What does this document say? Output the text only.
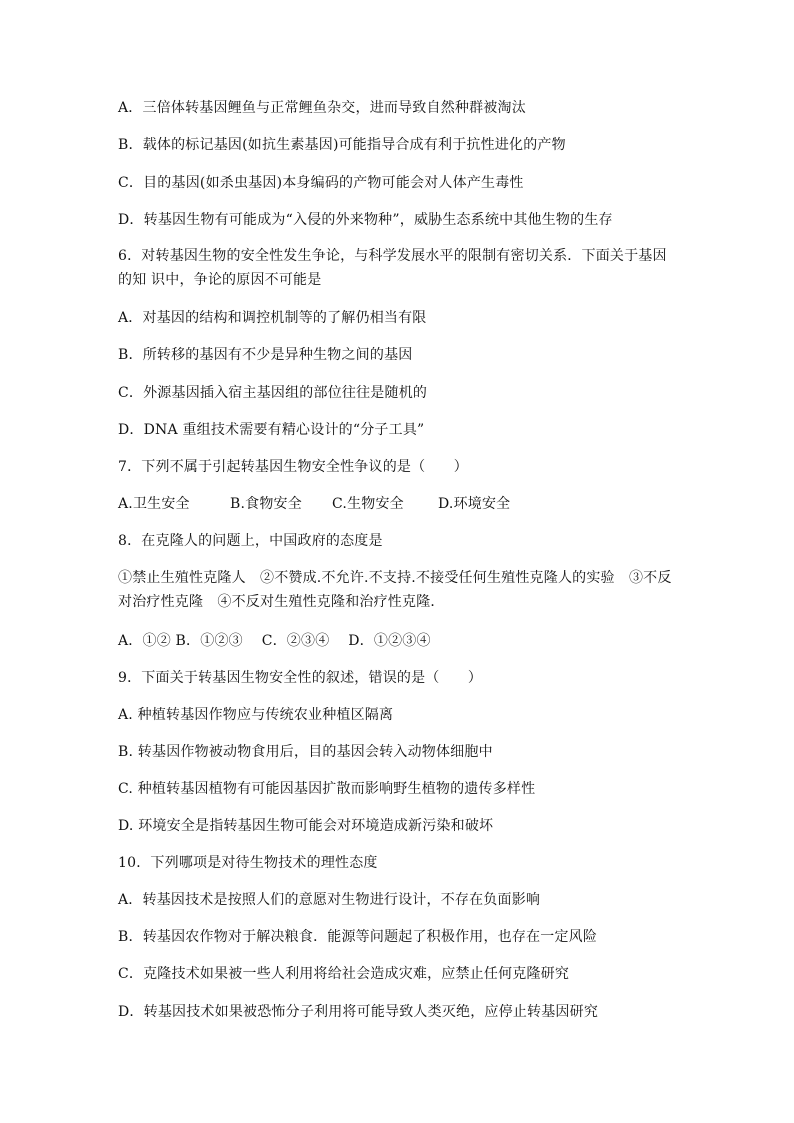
A．三倍体转基因鲤鱼与正常鲤鱼杂交，进而导致自然种群被淘汰
B．载体的标记基因(如抗生素基因)可能指导合成有利于抗性进化的产物
C．目的基因(如杀虫基因)本身编码的产物可能会对人体产生毒性
D．转基因生物有可能成为“入侵的外来物种”，威胁生态系统中其他生物的生存
6．对转基因生物的安全性发生争论，与科学发展水平的限制有密切关系．下面关于基因的知 识中，争论的原因不可能是
A．对基因的结构和调控机制等的了解仍相当有限
B．所转移的基因有不少是异种生物之间的基因
C．外源基因插入宿主基因组的部位往往是随机的
D．DNA 重组技术需要有精心设计的“分子工具”
7．下列不属于引起转基因生物安全性争议的是（　　）
A.卫生安全	B.食物安全 C.生物安全 D.环境安全
8．在克隆人的问题上，中国政府的态度是
①禁止生殖性克隆人　②不赞成.不允许.不支持.不接受任何生殖性克隆人的实验　③不反对治疗性克隆　④不反对生殖性克隆和治疗性克隆．
A．①② B．①②③　 C．②③④　 D．①②③④
9．下面关于转基因生物安全性的叙述，错误的是（　　）
A. 种植转基因作物应与传统农业种植区隔离
B. 转基因作物被动物食用后，目的基因会转入动物体细胞中
C. 种植转基因植物有可能因基因扩散而影响野生植物的遗传多样性
D. 环境安全是指转基因生物可能会对环境造成新污染和破坏
10．下列哪项是对待生物技术的理性态度
A．转基因技术是按照人们的意愿对生物进行设计，不存在负面影响
B．转基因农作物对于解决粮食．能源等问题起了积极作用，也存在一定风险
C．克隆技术如果被一些人利用将给社会造成灾难，应禁止任何克隆研究
D．转基因技术如果被恐怖分子利用将可能导致人类灭绝，应停止转基因研究
